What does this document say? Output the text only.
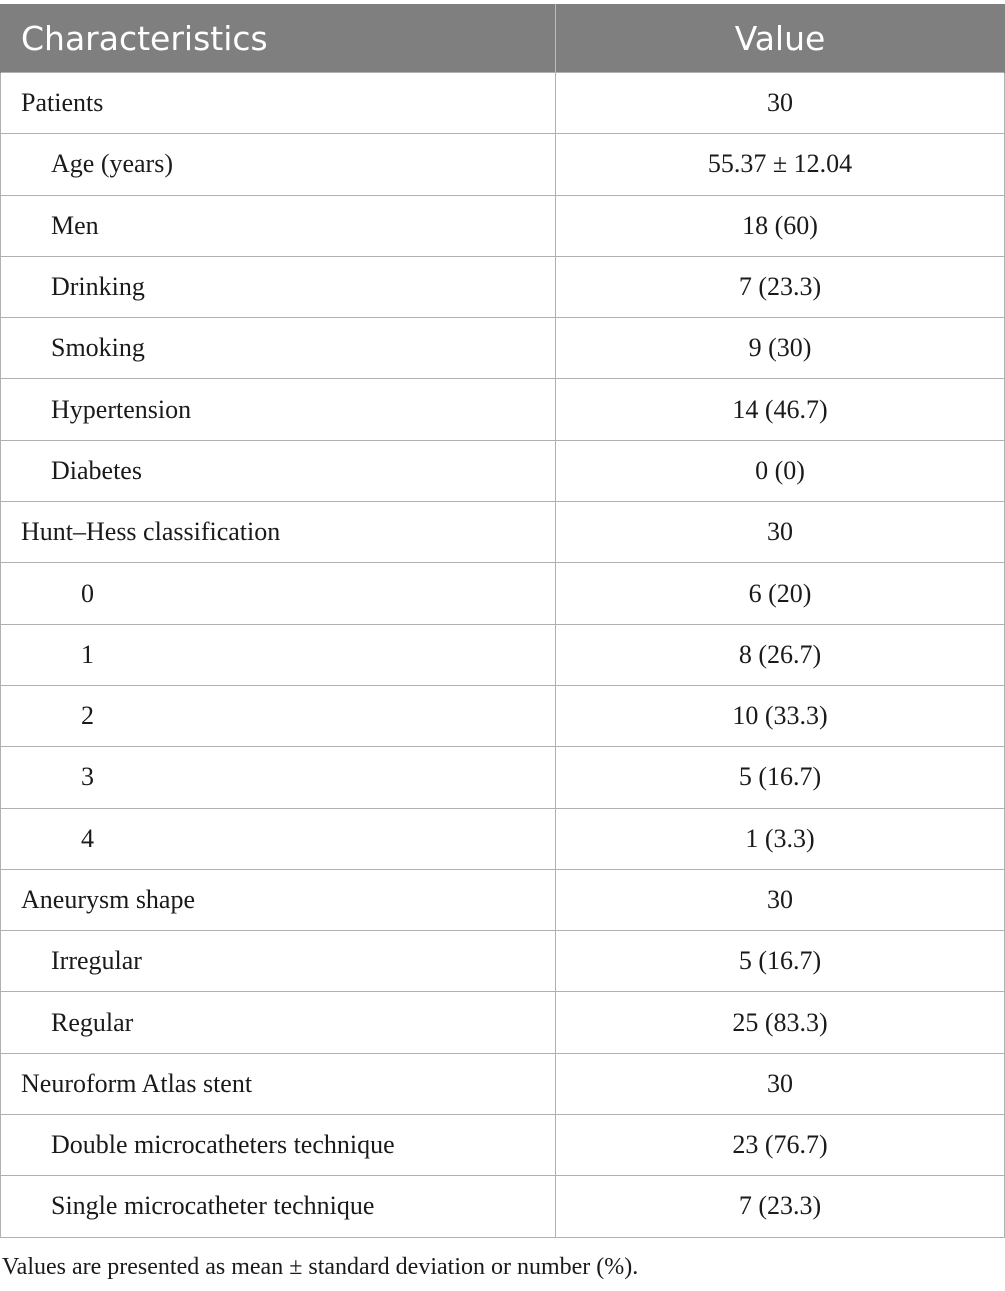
Characteristics	Value
Patients	30
Age (years)	55.37 ± 12.04
Men	18 (60)
Drinking	7 (23.3)
Smoking	9 (30)
Hypertension	14 (46.7)
Diabetes	0 (0)
Hunt–Hess classification	30
0	6 (20)
1	8 (26.7)
2	10 (33.3)
3	5 (16.7)
4	1 (3.3)
Aneurysm shape	30
Irregular	5 (16.7)
Regular	25 (83.3)
Neuroform Atlas stent	30
Double microcatheters technique	23 (76.7)
Single microcatheter technique	7 (23.3)
Values are presented as mean ± standard deviation or number (%).
